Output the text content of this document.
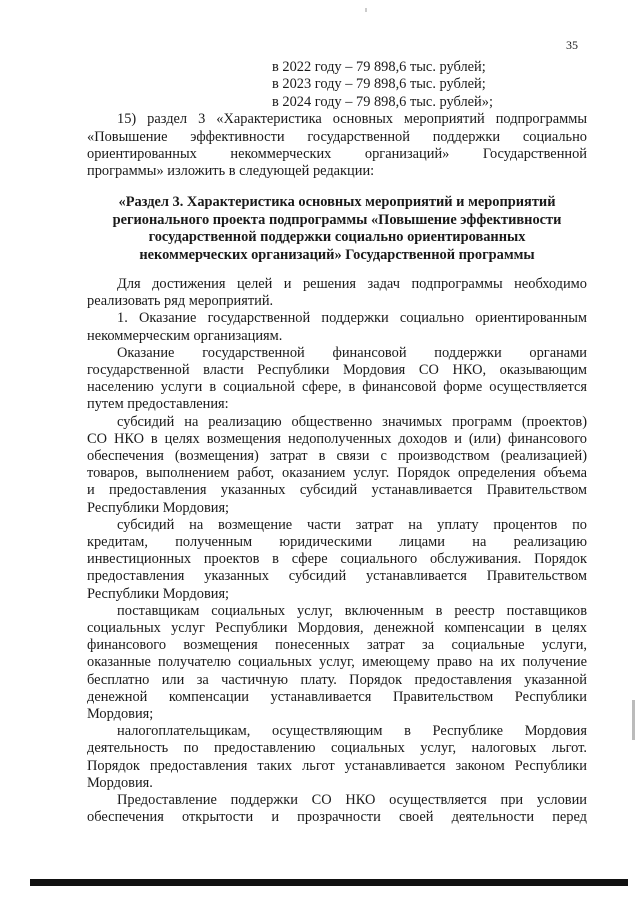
35
в 2022 году – 79 898,6 тыс. рублей;
в 2023 году – 79 898,6 тыс. рублей;
в 2024 году – 79 898,6 тыс. рублей»;
15) раздел 3 «Характеристика основных мероприятий подпрограммы
«Повышение эффективности государственной поддержки социально
ориентированных некоммерческих организаций» Государственной
программы» изложить в следующей редакции:
«Раздел 3. Характеристика основных мероприятий и мероприятий
регионального проекта подпрограммы «Повышение эффективности
государственной поддержки социально ориентированных
некоммерческих организаций» Государственной программы
Для достижения целей и решения задач подпрограммы необходимо
реализовать ряд мероприятий.
1. Оказание государственной поддержки социально ориентированным
некоммерческим организациям.
Оказание государственной финансовой поддержки органами
государственной власти Республики Мордовия СО НКО, оказывающим
населению услуги в социальной сфере, в финансовой форме осуществляется
путем предоставления:
субсидий на реализацию общественно значимых программ (проектов)
СО НКО в целях возмещения недополученных доходов и (или) финансового
обеспечения (возмещения) затрат в связи с производством (реализацией)
товаров, выполнением работ, оказанием услуг. Порядок определения объема
и предоставления указанных субсидий устанавливается Правительством
Республики Мордовия;
субсидий на возмещение части затрат на уплату процентов по
кредитам, полученным юридическими лицами на реализацию
инвестиционных проектов в сфере социального обслуживания. Порядок
предоставления указанных субсидий устанавливается Правительством
Республики Мордовия;
поставщикам социальных услуг, включенным в реестр поставщиков
социальных услуг Республики Мордовия, денежной компенсации в целях
финансового возмещения понесенных затрат за социальные услуги,
оказанные получателю социальных услуг, имеющему право на их получение
бесплатно или за частичную плату. Порядок предоставления указанной
денежной компенсации устанавливается Правительством Республики
Мордовия;
налогоплательщикам, осуществляющим в Республике Мордовия
деятельность по предоставлению социальных услуг, налоговых льгот.
Порядок предоставления таких льгот устанавливается законом Республики
Мордовия.
Предоставление поддержки СО НКО осуществляется при условии
обеспечения открытости и прозрачности своей деятельности перед
